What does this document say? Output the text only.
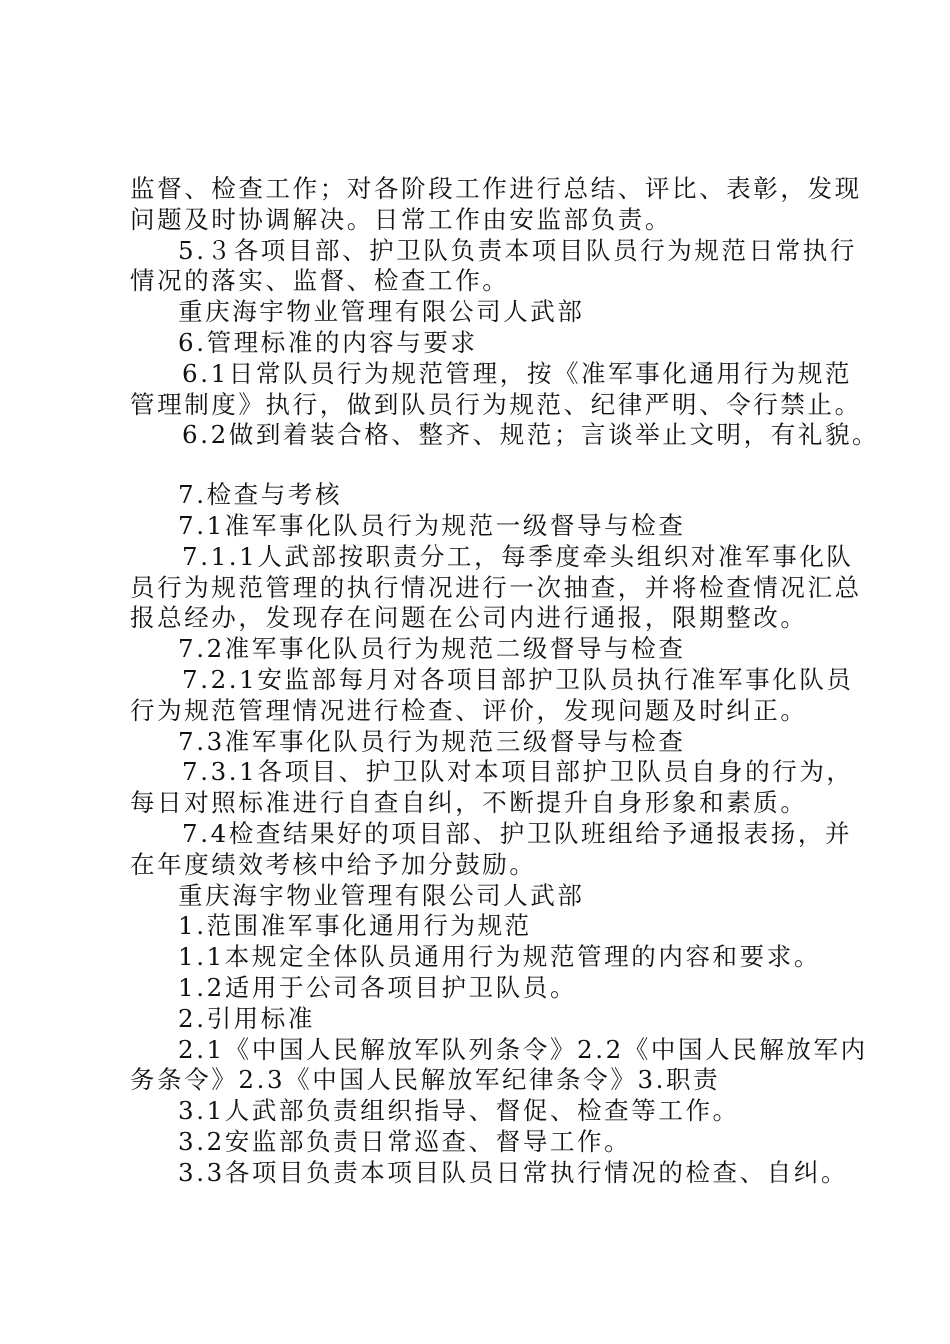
监督、检查工作；对各阶段工作进行总结、评比、表彰，发现
问题及时协调解决。日常工作由安监部负责。
5.３各项目部、护卫队负责本项目队员行为规范日常执行
情况的落实、监督、检查工作。
重庆海宇物业管理有限公司人武部
6.管理标准的内容与要求
6.1日常队员行为规范管理，按《准军事化通用行为规范
管理制度》执行，做到队员行为规范、纪律严明、令行禁止。
6.2做到着装合格、整齐、规范；言谈举止文明，有礼貌。
7.检查与考核
7.1准军事化队员行为规范一级督导与检查
7.1.1人武部按职责分工，每季度牵头组织对准军事化队
员行为规范管理的执行情况进行一次抽查，并将检查情况汇总
报总经办，发现存在问题在公司内进行通报，限期整改。
7.2准军事化队员行为规范二级督导与检查
7.2.1安监部每月对各项目部护卫队员执行准军事化队员
行为规范管理情况进行检查、评价，发现问题及时纠正。
7.3准军事化队员行为规范三级督导与检查
7.3.1各项目、护卫队对本项目部护卫队员自身的行为，
每日对照标准进行自查自纠，不断提升自身形象和素质。
7.4检查结果好的项目部、护卫队班组给予通报表扬，并
在年度绩效考核中给予加分鼓励。
重庆海宇物业管理有限公司人武部
1.范围准军事化通用行为规范
1.1本规定全体队员通用行为规范管理的内容和要求。
1.2适用于公司各项目护卫队员。
2.引用标准
2.1《中国人民解放军队列条令》2.2《中国人民解放军内
务条令》2.3《中国人民解放军纪律条令》3.职责
3.1人武部负责组织指导、督促、检查等工作。
3.2安监部负责日常巡查、督导工作。
3.3各项目负责本项目队员日常执行情况的检查、自纠。
